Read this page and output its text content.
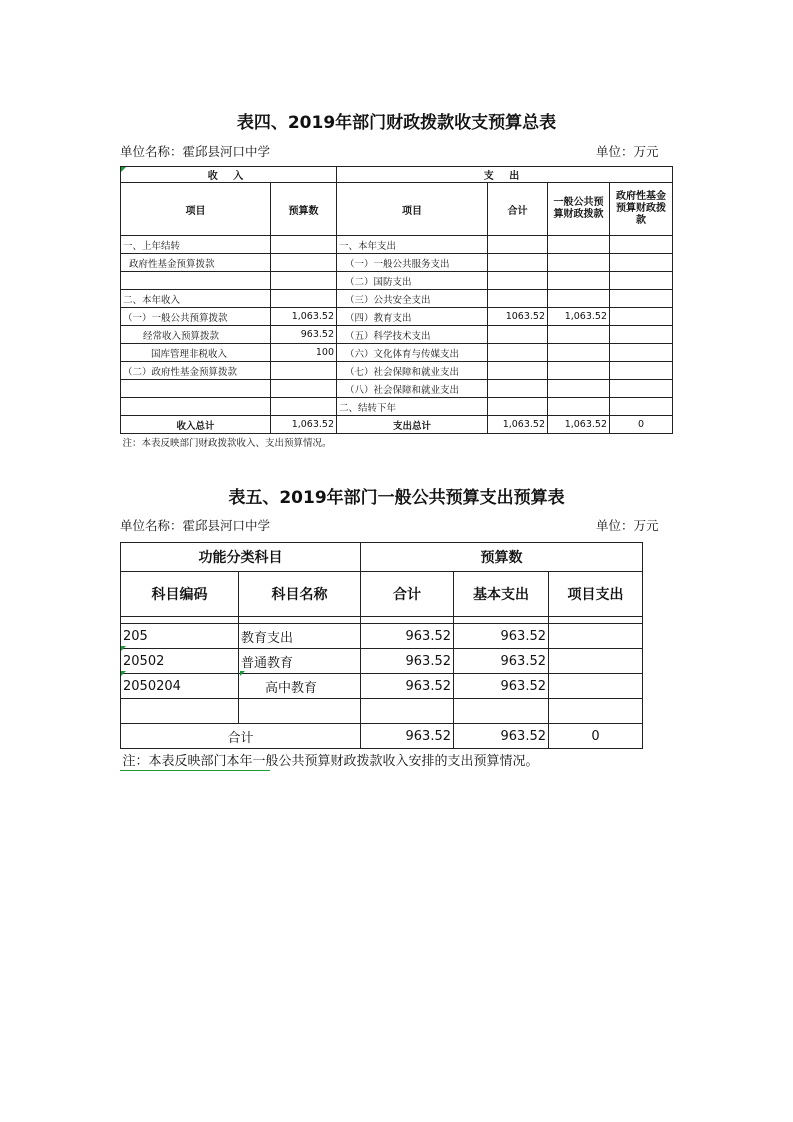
表四、2019年部门财政拨款收支预算总表
单位名称：霍邱县河口中学	单位：万元
收 入		支 出			
项目	预算数	项目	合计	一般公共预算财政拨款	政府性基金预算财政拨款
一、上年结转		一、本年支出			
政府性基金预算拨款		（一）一般公共服务支出			
		（二）国防支出			
二、本年收入		（三）公共安全支出			
（一）一般公共预算拨款	1,063.52	（四）教育支出	1063.52	1,063.52	
经常收入预算拨款	963.52	（五）科学技术支出			
国库管理非税收入	100	（六）文化体育与传媒支出			
（二）政府性基金预算拨款		（七）社会保障和就业支出			
		（八）社会保障和就业支出			
		二、结转下年			
收入总计	1,063.52	支出总计	1,063.52	1,063.52	0
注：本表反映部门财政拨款收入、支出预算情况。					
表五、2019年部门一般公共预算支出预算表
单位名称：霍邱县河口中学	单位：万元
功能分类科目		预算数		
科目编码	科目名称	合计	基本支出	项目支出

205	教育支出	963.52	963.52	
20502	普通教育	963.52	963.52	
2050204	高中教育	963.52	963.52	

合计		963.52	963.52	0
注：本表反映部门本年一般公共预算财政拨款收入安排的支出预算情况。				
